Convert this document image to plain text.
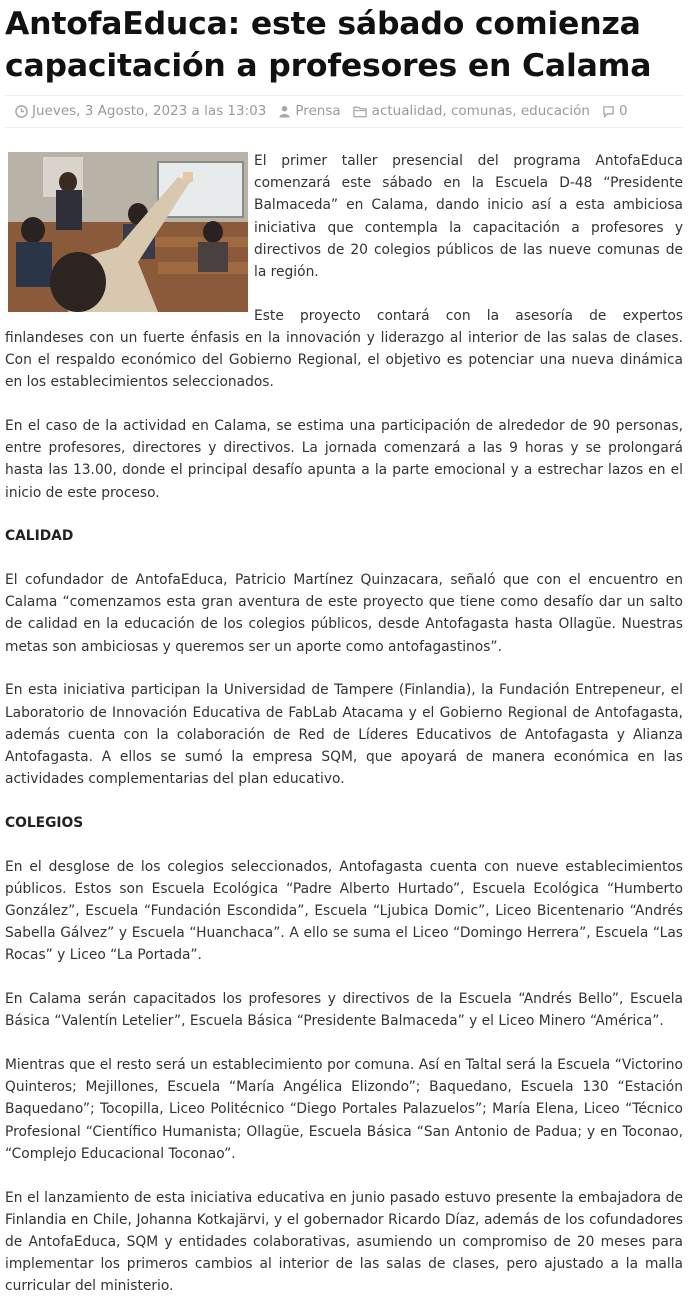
AntofaEduca: este sábado comienza capacitación a profesores en Calama
Jueves, 3 Agosto, 2023 a las 13:03 Prensa actualidad , comunas , educación 0

El primer taller presencial del programa AntofaEduca comenzará este sábado en la Escuela D-48 “Presidente Balmaceda” en Calama, dando inicio así a esta ambiciosa iniciativa que contempla la capacitación a profesores y directivos de 20 colegios públicos de las nueve comunas de la región.

Este proyecto contará con la asesoría de expertos finlandeses con un fuerte énfasis en la innovación y liderazgo al interior de las salas de clases. Con el respaldo económico del Gobierno Regional, el objetivo es potenciar una nueva dinámica en los establecimientos seleccionados.

En el caso de la actividad en Calama, se estima una participación de alrededor de 90 personas, entre profesores, directores y directivos. La jornada comenzará a las 9 horas y se prolongará hasta las 13.00, donde el principal desafío apunta a la parte emocional y a estrechar lazos en el inicio de este proceso.

CALIDAD

El cofundador de AntofaEduca, Patricio Martínez Quinzacara, señaló que con el encuentro en Calama “comenzamos esta gran aventura de este proyecto que tiene como desafío dar un salto de calidad en la educación de los colegios públicos, desde Antofagasta hasta Ollagüe. Nuestras metas son ambiciosas y queremos ser un aporte como antofagastinos”.

En esta iniciativa participan la Universidad de Tampere (Finlandia), la Fundación Entrepeneur, el Laboratorio de Innovación Educativa de FabLab Atacama y el Gobierno Regional de Antofagasta, además cuenta con la colaboración de Red de Líderes Educativos de Antofagasta y Alianza Antofagasta. A ellos se sumó la empresa SQM, que apoyará de manera económica en las actividades complementarias del plan educativo.

COLEGIOS

En el desglose de los colegios seleccionados, Antofagasta cuenta con nueve establecimientos públicos. Estos son Escuela Ecológica “Padre Alberto Hurtado”, Escuela Ecológica “Humberto González”, Escuela “Fundación Escondida”, Escuela “Ljubica Domic”, Liceo Bicentenario “Andrés Sabella Gálvez” y Escuela “Huanchaca”. A ello se suma el Liceo “Domingo Herrera”, Escuela “Las Rocas” y Liceo “La Portada”.

En Calama serán capacitados los profesores y directivos de la Escuela “Andrés Bello”, Escuela Básica “Valentín Letelier”, Escuela Básica “Presidente Balmaceda” y el Liceo Minero “América”.

Mientras que el resto será un establecimiento por comuna. Así en Taltal será la Escuela “Victorino Quinteros; Mejillones, Escuela “María Angélica Elizondo”; Baquedano, Escuela 130 “Estación Baquedano”; Tocopilla, Liceo Politécnico “Diego Portales Palazuelos”; María Elena, Liceo “Técnico Profesional “Científico Humanista; Ollagüe, Escuela Básica “San Antonio de Padua; y en Toconao, “Complejo Educacional Toconao”.

En el lanzamiento de esta iniciativa educativa en junio pasado estuvo presente la embajadora de Finlandia en Chile, Johanna Kotkajärvi, y el gobernador Ricardo Díaz, además de los cofundadores de AntofaEduca, SQM y entidades colaborativas, asumiendo un compromiso de 20 meses para implementar los primeros cambios al interior de las salas de clases, pero ajustado a la malla curricular del ministerio.
